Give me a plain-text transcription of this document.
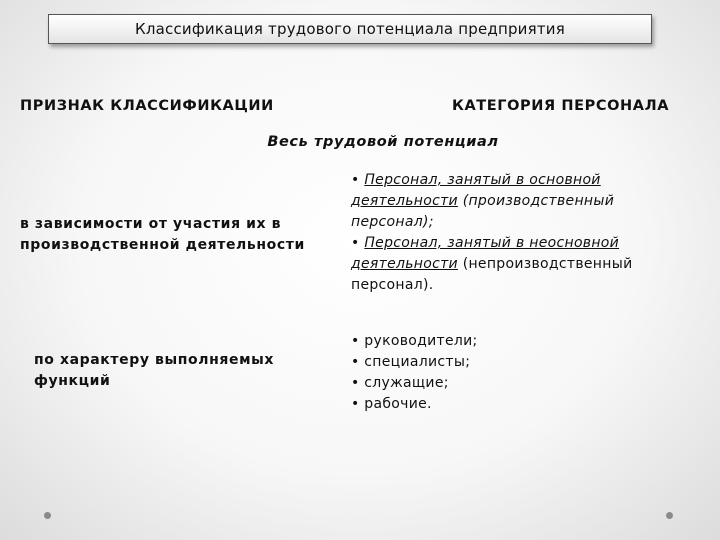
Классификация трудового потенциала предприятия
ПРИЗНАК КЛАССИФИКАЦИИ	КАТЕГОРИЯ ПЕРСОНАЛА
Весь трудовой потенциал
в зависимости от участия их в производственной деятельности
• Персонал, занятый в основной деятельности (производственный персонал);
• Персонал, занятый в неосновной деятельности (непроизводственный персонал).
по характеру выполняемых функций
• руководители;
• специалисты;
• служащие;
• рабочие.
